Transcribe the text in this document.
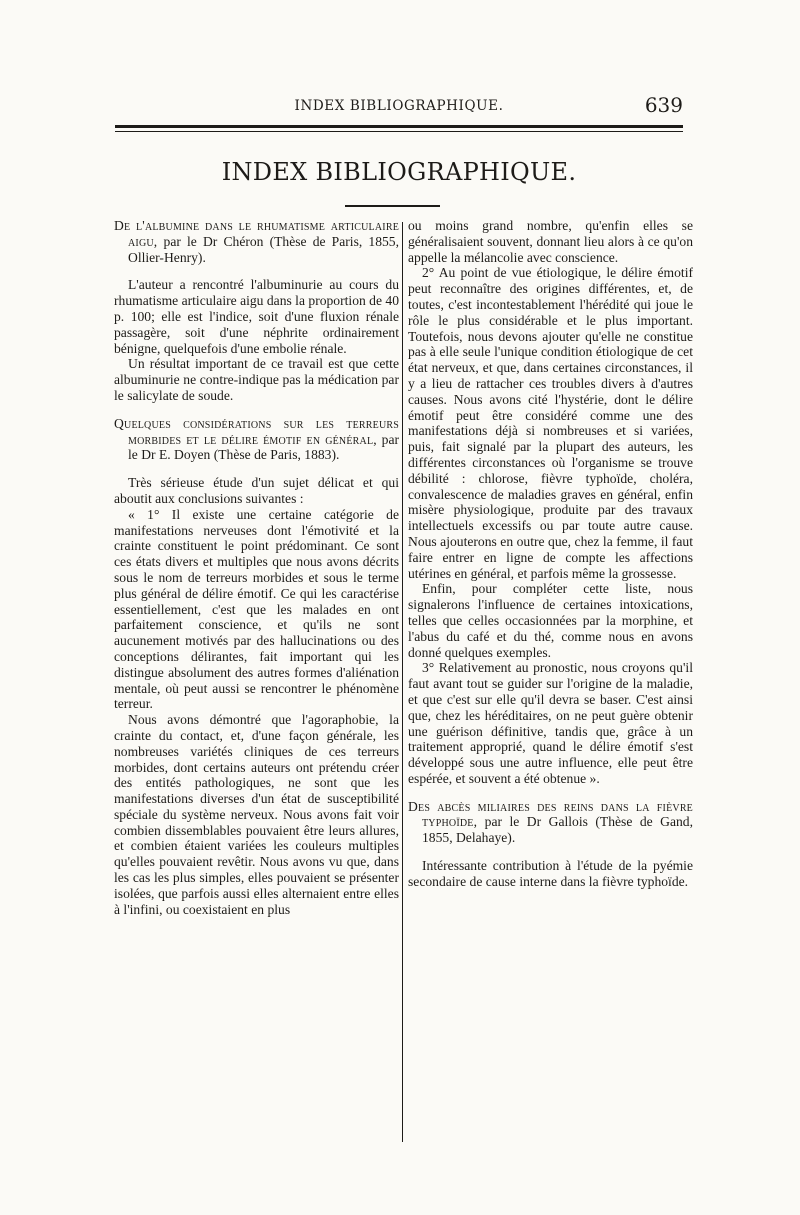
INDEX BIBLIOGRAPHIQUE.	639
INDEX BIBLIOGRAPHIQUE.

De l'albumine dans le rhumatisme articulaire aigu, par le Dr Chéron (Thèse de Paris, 1855, Ollier-Henry).

L'auteur a rencontré l'albuminurie au cours du rhumatisme articulaire aigu dans la proportion de 40 p. 100; elle est l'indice, soit d'une fluxion rénale passagère, soit d'une néphrite ordinairement bénigne, quelquefois d'une embolie rénale.

Un résultat important de ce travail est que cette albuminurie ne contre-indique pas la médication par le salicylate de soude.

Quelques considérations sur les terreurs morbides et le délire émotif en général, par le Dr E. Doyen (Thèse de Paris, 1883).

Très sérieuse étude d'un sujet délicat et qui aboutit aux conclusions suivantes :

« 1° Il existe une certaine catégorie de manifestations nerveuses dont l'émotivité et la crainte constituent le point prédominant. Ce sont ces états divers et multiples que nous avons décrits sous le nom de terreurs morbides et sous le terme plus général de délire émotif. Ce qui les caractérise essentiellement, c'est que les malades en ont parfaitement conscience, et qu'ils ne sont aucunement motivés par des hallucinations ou des conceptions délirantes, fait important qui les distingue absolument des autres formes d'aliénation mentale, où peut aussi se rencontrer le phénomène terreur.

Nous avons démontré que l'agoraphobie, la crainte du contact, et, d'une façon générale, les nombreuses variétés cliniques de ces terreurs morbides, dont certains auteurs ont prétendu créer des entités pathologiques, ne sont que les manifestations diverses d'un état de susceptibilité spéciale du système nerveux. Nous avons fait voir combien dissemblables pouvaient être leurs allures, et combien étaient variées les couleurs multiples qu'elles pouvaient revêtir. Nous avons vu que, dans les cas les plus simples, elles pouvaient se présenter isolées, que parfois aussi elles alternaient entre elles à l'infini, ou coexistaient en plus

ou moins grand nombre, qu'enfin elles se généralisaient souvent, donnant lieu alors à ce qu'on appelle la mélancolie avec conscience.

2° Au point de vue étiologique, le délire émotif peut reconnaître des origines différentes, et, de toutes, c'est incontestablement l'hérédité qui joue le rôle le plus considérable et le plus important. Toutefois, nous devons ajouter qu'elle ne constitue pas à elle seule l'unique condition étiologique de cet état nerveux, et que, dans certaines circonstances, il y a lieu de rattacher ces troubles divers à d'autres causes. Nous avons cité l'hystérie, dont le délire émotif peut être considéré comme une des manifestations déjà si nombreuses et si variées, puis, fait signalé par la plupart des auteurs, les différentes circonstances où l'organisme se trouve débilité : chlorose, fièvre typhoïde, choléra, convalescence de maladies graves en général, enfin misère physiologique, produite par des travaux intellectuels excessifs ou par toute autre cause. Nous ajouterons en outre que, chez la femme, il faut faire entrer en ligne de compte les affections utérines en général, et parfois même la grossesse.

Enfin, pour compléter cette liste, nous signalerons l'influence de certaines intoxications, telles que celles occasionnées par la morphine, et l'abus du café et du thé, comme nous en avons donné quelques exemples.

3° Relativement au pronostic, nous croyons qu'il faut avant tout se guider sur l'origine de la maladie, et que c'est sur elle qu'il devra se baser. C'est ainsi que, chez les héréditaires, on ne peut guère obtenir une guérison définitive, tandis que, grâce à un traitement approprié, quand le délire émotif s'est développé sous une autre influence, elle peut être espérée, et souvent a été obtenue ».

Des abcès miliaires des reins dans la fièvre typhoïde, par le Dr Gallois (Thèse de Gand, 1855, Delahaye).

Intéressante contribution à l'étude de la pyémie secondaire de cause interne dans la fièvre typhoïde.
